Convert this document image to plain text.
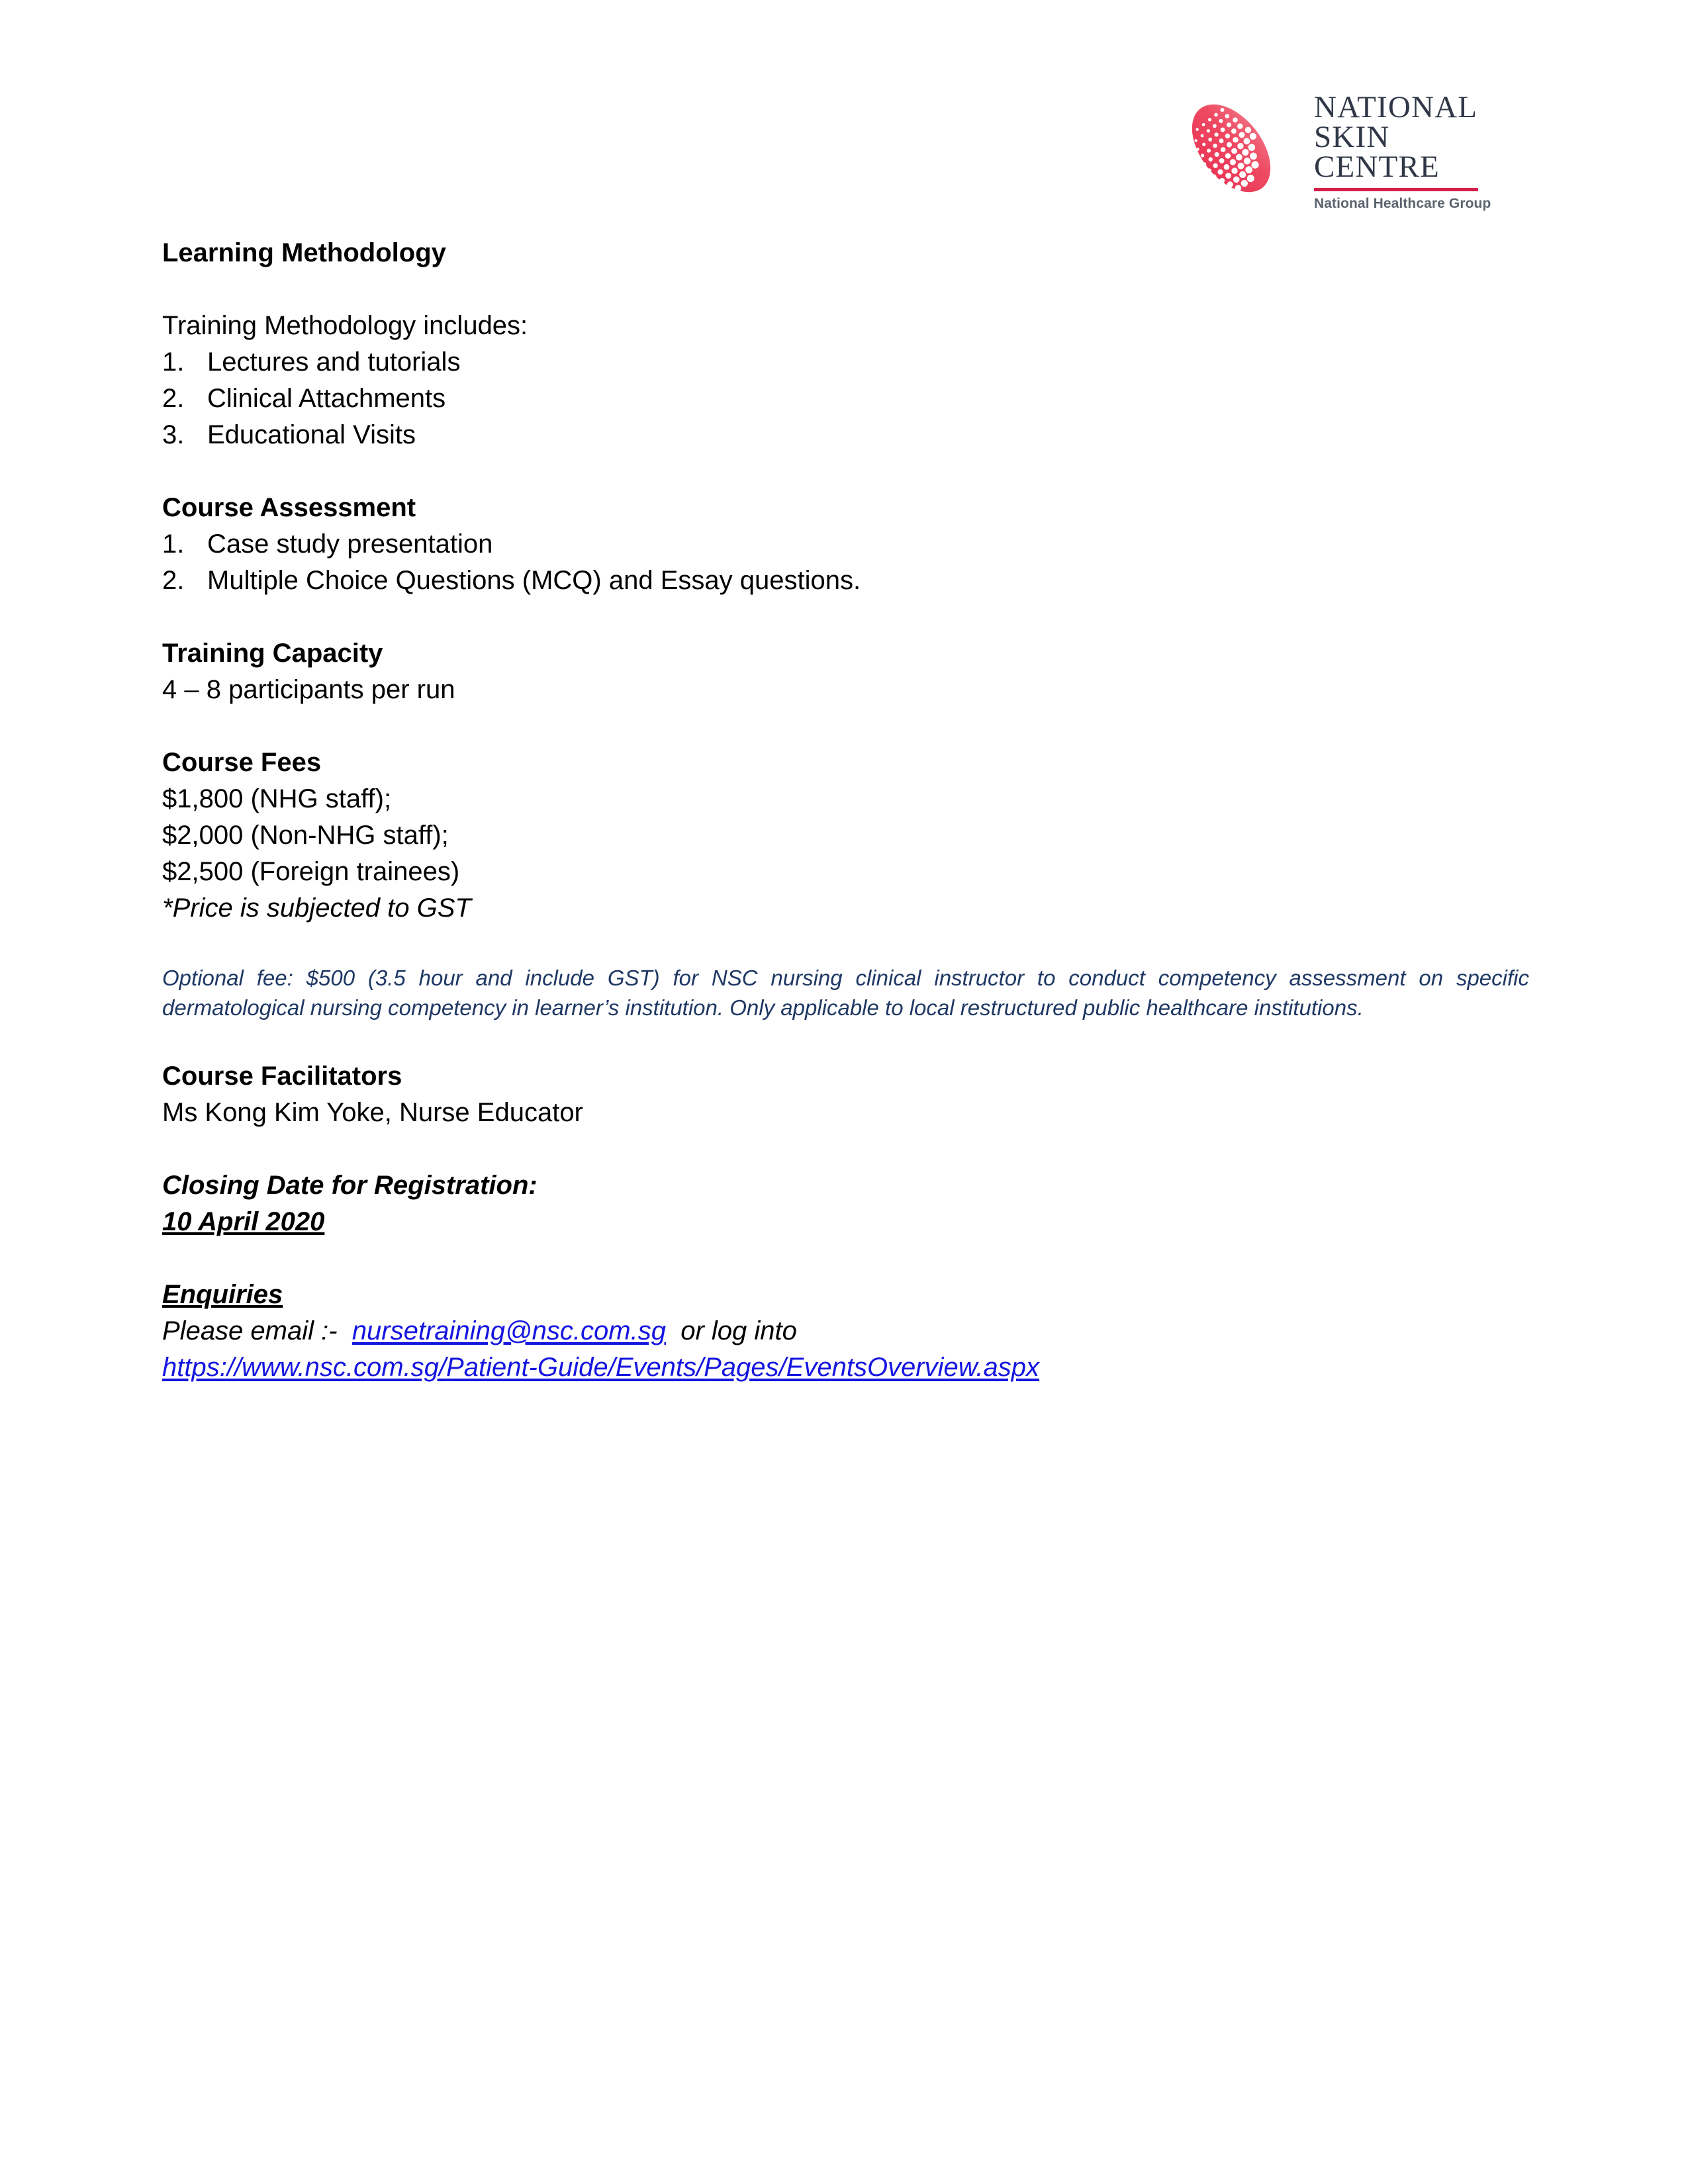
NATIONAL
SKIN
CENTRE
National Healthcare Group
Learning Methodology
Training Methodology includes:
1. Lectures and tutorials
2. Clinical Attachments
3. Educational Visits
Course Assessment
1. Case study presentation
2. Multiple Choice Questions (MCQ) and Essay questions.
Training Capacity
4 – 8 participants per run
Course Fees
$1,800 (NHG staff);
$2,000 (Non-NHG staff);
$2,500 (Foreign trainees)
*Price is subjected to GST
Optional fee: $500 (3.5 hour and include GST) for NSC nursing clinical instructor to conduct competency assessment on specific dermatological nursing competency in learner’s institution. Only applicable to local restructured public healthcare institutions.
Course Facilitators
Ms Kong Kim Yoke, Nurse Educator
Closing Date for Registration:
10 April 2020
Enquiries
Please email :- nursetraining@nsc.com.sg or log into
https://www.nsc.com.sg/Patient-Guide/Events/Pages/EventsOverview.aspx
